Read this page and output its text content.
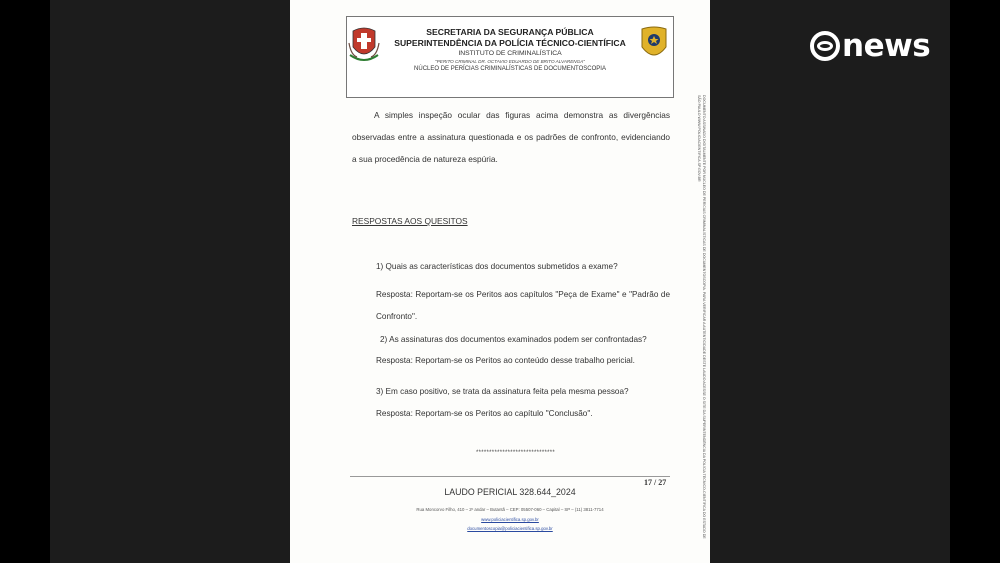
SECRETARIA DA SEGURANÇA PÚBLICA
SUPERINTENDÊNCIA DA POLÍCIA TÉCNICO-CIENTÍFICA
INSTITUTO DE CRIMINALÍSTICA
"PERITO CRIMINAL DR. OCTAVIO EDUARDO DE BRITO ALVARENGA"
NÚCLEO DE PERÍCIAS CRIMINALÍSTICAS DE DOCUMENTOSCOPIA
A simples inspeção ocular das figuras acima demonstra as divergências observadas entre a assinatura questionada e os padrões de confronto, evidenciando a sua procedência de natureza espúria.
RESPOSTAS AOS QUESITOS
1) Quais as características dos documentos submetidos a exame?
Resposta: Reportam-se os Peritos aos capítulos "Peça de Exame" e "Padrão de Confronto".
2) As assinaturas dos documentos examinados podem ser confrontadas?
Resposta: Reportam-se os Peritos ao conteúdo desse trabalho pericial.
3) Em caso positivo, se trata da assinatura feita pela mesma pessoa?
Resposta: Reportam-se os Peritos ao capítulo "Conclusão".
******************************
17 / 27
LAUDO PERICIAL 328.644_2024
Rua Moncorvo Filho, 410 – 2º andar – Butantã – CEP: 05507-060 – Capital – SP – (11) 3811-7714
www.policiacientifica.sp.gov.br
documentoscopia@policiacientifica.sp.gov.br	DOCUMENTO ASSINADO DIGITALMENTE POR NÚCLEO DE PERÍCIAS CRIMINALÍSTICAS DE DOCUMENTOSCOPIA. PARA VERIFICAR A AUTENTICIDADE DESTE LAUDO ACESSE O SITE DA SUPERINTENDÊNCIA DA POLÍCIA TÉCNICO-CIENTÍFICA DO ESTADO DE SÃO PAULO WWW.POLICIACIENTIFICA.SP.GOV.BR
news
